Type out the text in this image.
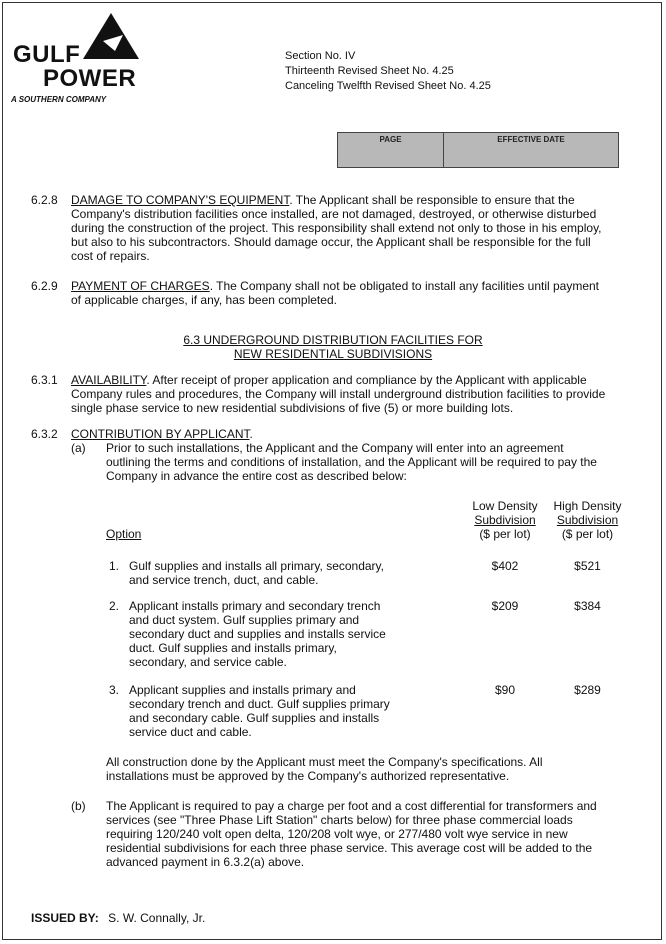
GULF
POWER
A SOUTHERN COMPANY
Section No. IV
Thirteenth Revised Sheet No. 4.25
Canceling Twelfth Revised Sheet No. 4.25
PAGE	EFFECTIVE DATE
6.2.8 DAMAGE TO COMPANY'S EQUIPMENT. The Applicant shall be responsible to ensure that the
Company's distribution facilities once installed, are not damaged, destroyed, or otherwise disturbed
during the construction of the project. This responsibility shall extend not only to those in his employ,
but also to his subcontractors. Should damage occur, the Applicant shall be responsible for the full
cost of repairs.
6.2.9 PAYMENT OF CHARGES. The Company shall not be obligated to install any facilities until payment
of applicable charges, if any, has been completed.
6.3 UNDERGROUND DISTRIBUTION FACILITIES FOR
NEW RESIDENTIAL SUBDIVISIONS
6.3.1 AVAILABILITY. After receipt of proper application and compliance by the Applicant with applicable
Company rules and procedures, the Company will install underground distribution facilities to provide
single phase service to new residential subdivisions of five (5) or more building lots.
6.3.2 CONTRIBUTION BY APPLICANT.
(a) Prior to such installations, the Applicant and the Company will enter into an agreement
outlining the terms and conditions of installation, and the Applicant will be required to pay the
Company in advance the entire cost as described below:
Low Density
Subdivision
($ per lot)
High Density
Subdivision
($ per lot)
Option
1. Gulf supplies and installs all primary, secondary,
and service trench, duct, and cable.
$402	$521
2. Applicant installs primary and secondary trench
and duct system. Gulf supplies primary and
secondary duct and supplies and installs service
duct. Gulf supplies and installs primary,
secondary, and service cable.
$209	$384
3. Applicant supplies and installs primary and
secondary trench and duct. Gulf supplies primary
and secondary cable. Gulf supplies and installs
service duct and cable.
$90	$289
All construction done by the Applicant must meet the Company's specifications. All
installations must be approved by the Company's authorized representative.
(b) The Applicant is required to pay a charge per foot and a cost differential for transformers and
services (see "Three Phase Lift Station" charts below) for three phase commercial loads
requiring 120/240 volt open delta, 120/208 volt wye, or 277/480 volt wye service in new
residential subdivisions for each three phase service. This average cost will be added to the
advanced payment in 6.3.2(a) above.
ISSUED BY: S. W. Connally, Jr.
